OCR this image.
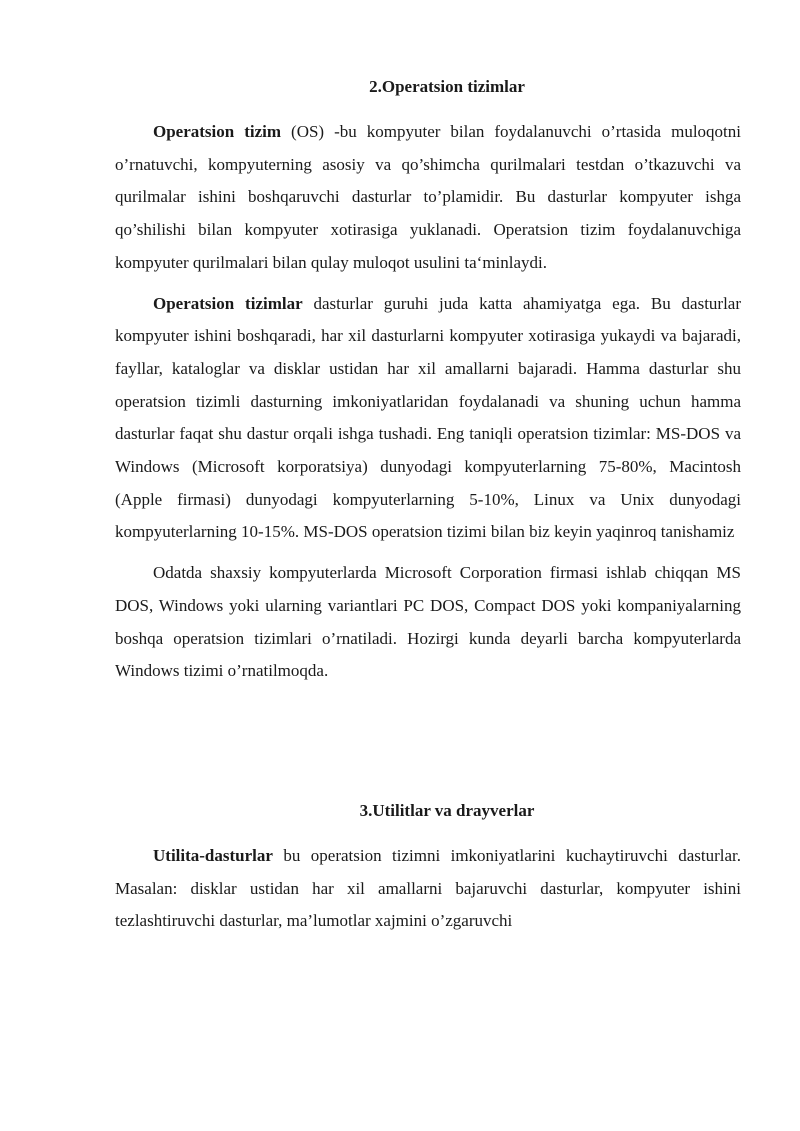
2.Operatsion tizimlar

Operatsion tizim (OS) -bu kompyuter bilan foydalanuvchi o’rtasida muloqotni o’rnatuvchi, kompyuterning asosiy va qo’shimcha qurilmalari testdan o’tkazuvchi va qurilmalar ishini boshqaruvchi dasturlar to’plamidir. Bu dasturlar kompyuter ishga qo’shilishi bilan kompyuter xotirasiga yuklanadi. Operatsion tizim foydalanuvchiga kompyuter qurilmalari bilan qulay muloqot usulini ta‘minlaydi.

Operatsion tizimlar dasturlar guruhi juda katta ahamiyatga ega. Bu dasturlar kompyuter ishini boshqaradi, har xil dasturlarni kompyuter xotirasiga yukaydi va bajaradi, fayllar, kataloglar va disklar ustidan har xil amallarni bajaradi. Hamma dasturlar shu operatsion tizimli dasturning imkoniyatlaridan foydalanadi va shuning uchun hamma dasturlar faqat shu dastur orqali ishga tushadi. Eng taniqli operatsion tizimlar: MS-DOS va Windows (Microsoft korporatsiya) dunyodagi kompyuterlarning 75-80%, Macintosh (Apple firmasi) dunyodagi kompyuterlarning 5-10%, Linux va Unix dunyodagi kompyuterlarning 10-15%. MS-DOS operatsion tizimi bilan biz keyin yaqinroq tanishamiz

Odatda shaxsiy kompyuterlarda Microsoft Corporation firmasi ishlab chiqqan MS DOS, Windows yoki ularning variantlari PC DOS, Compact DOS yoki kompaniyalarning boshqa operatsion tizimlari o’rnatiladi. Hozirgi kunda deyarli barcha kompyuterlarda Windows tizimi o’rnatilmoqda.

3.Utilitlar va drayverlar

Utilita-dasturlar bu operatsion tizimni imkoniyatlarini kuchaytiruvchi dasturlar. Masalan: disklar ustidan har xil amallarni bajaruvchi dasturlar, kompyuter ishini tezlashtiruvchi dasturlar, ma’lumotlar xajmini o’zgaruvchi
